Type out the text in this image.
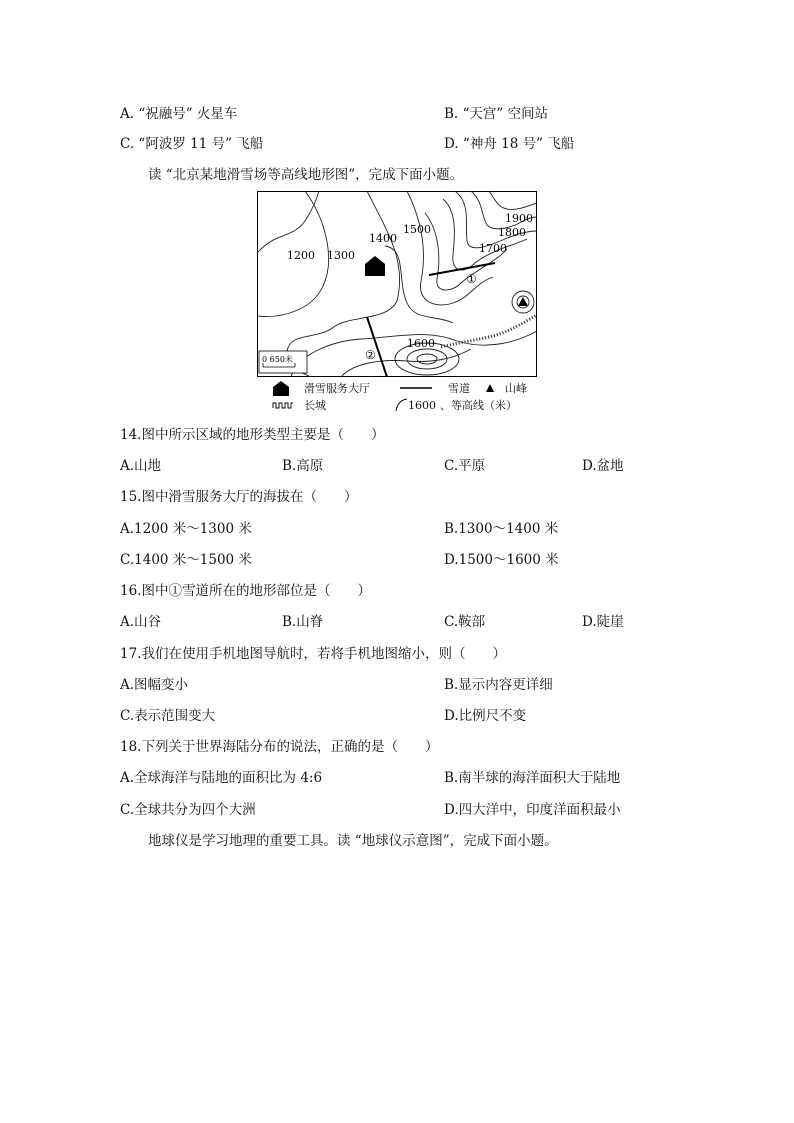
A. “祝融号” 火星车	B. “天宫” 空间站
C. “阿波罗 11 号” 飞船	D. “神舟 18 号” 飞船
读 “北京某地滑雪场等高线地形图”，完成下面小题。
0 650米
1200 1300
1400
1500
1600
1700
1800
1900
①
②
滑雪服务大厅	雪道	山峰
长城	1600 、等高线（米）
14.图中所示区域的地形类型主要是（　　）
A.山地	B.高原	C.平原	D.盆地
15.图中滑雪服务大厅的海拔在（　　）
A.1200 米～1300 米	B.1300～1400 米
C.1400 米～1500 米	D.1500～1600 米
16.图中①雪道所在的地形部位是（　　）
A.山谷	B.山脊	C.鞍部	D.陡崖
17.我们在使用手机地图导航时，若将手机地图缩小，则（　　）
A.图幅变小	B.显示内容更详细
C.表示范围变大	D.比例尺不变
18.下列关于世界海陆分布的说法，正确的是（　　）
A.全球海洋与陆地的面积比为 4:6	B.南半球的海洋面积大于陆地
C.全球共分为四个大洲	D.四大洋中，印度洋面积最小
地球仪是学习地理的重要工具。读 “地球仪示意图”，完成下面小题。
